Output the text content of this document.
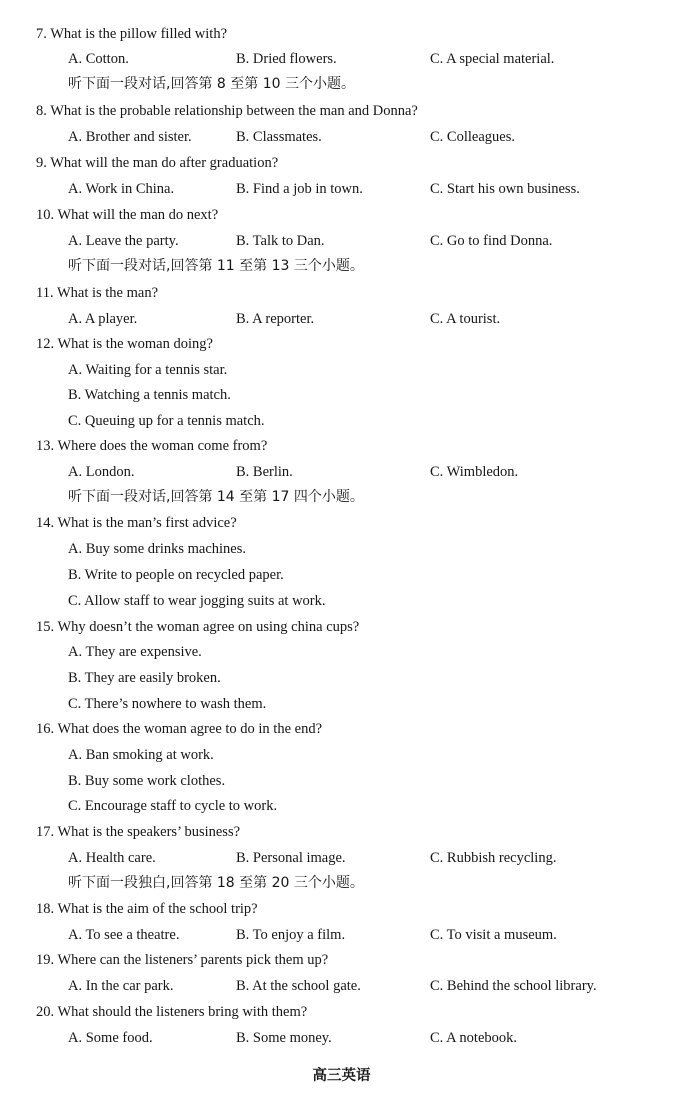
7. What is the pillow filled with?
A. Cotton.	B. Dried flowers.	C. A special material.
听下面一段对话,回答第 8 至第 10 三个小题。
8. What is the probable relationship between the man and Donna?
A. Brother and sister.	B. Classmates.	C. Colleagues.
9. What will the man do after graduation?
A. Work in China.	B. Find a job in town.	C. Start his own business.
10. What will the man do next?
A. Leave the party.	B. Talk to Dan.	C. Go to find Donna.
听下面一段对话,回答第 11 至第 13 三个小题。
11. What is the man?
A. A player.	B. A reporter.	C. A tourist.
12. What is the woman doing?
A. Waiting for a tennis star.
B. Watching a tennis match.
C. Queuing up for a tennis match.
13. Where does the woman come from?
A. London.	B. Berlin.	C. Wimbledon.
听下面一段对话,回答第 14 至第 17 四个小题。
14. What is the man’s first advice?
A. Buy some drinks machines.
B. Write to people on recycled paper.
C. Allow staff to wear jogging suits at work.
15. Why doesn’t the woman agree on using china cups?
A. They are expensive.
B. They are easily broken.
C. There’s nowhere to wash them.
16. What does the woman agree to do in the end?
A. Ban smoking at work.
B. Buy some work clothes.
C. Encourage staff to cycle to work.
17. What is the speakers’ business?
A. Health care.	B. Personal image.	C. Rubbish recycling.
听下面一段独白,回答第 18 至第 20 三个小题。
18. What is the aim of the school trip?
A. To see a theatre.	B. To enjoy a film.	C. To visit a museum.
19. Where can the listeners’ parents pick them up?
A. In the car park.	B. At the school gate.	C. Behind the school library.
20. What should the listeners bring with them?
A. Some food.	B. Some money.	C. A notebook.
高三英语
